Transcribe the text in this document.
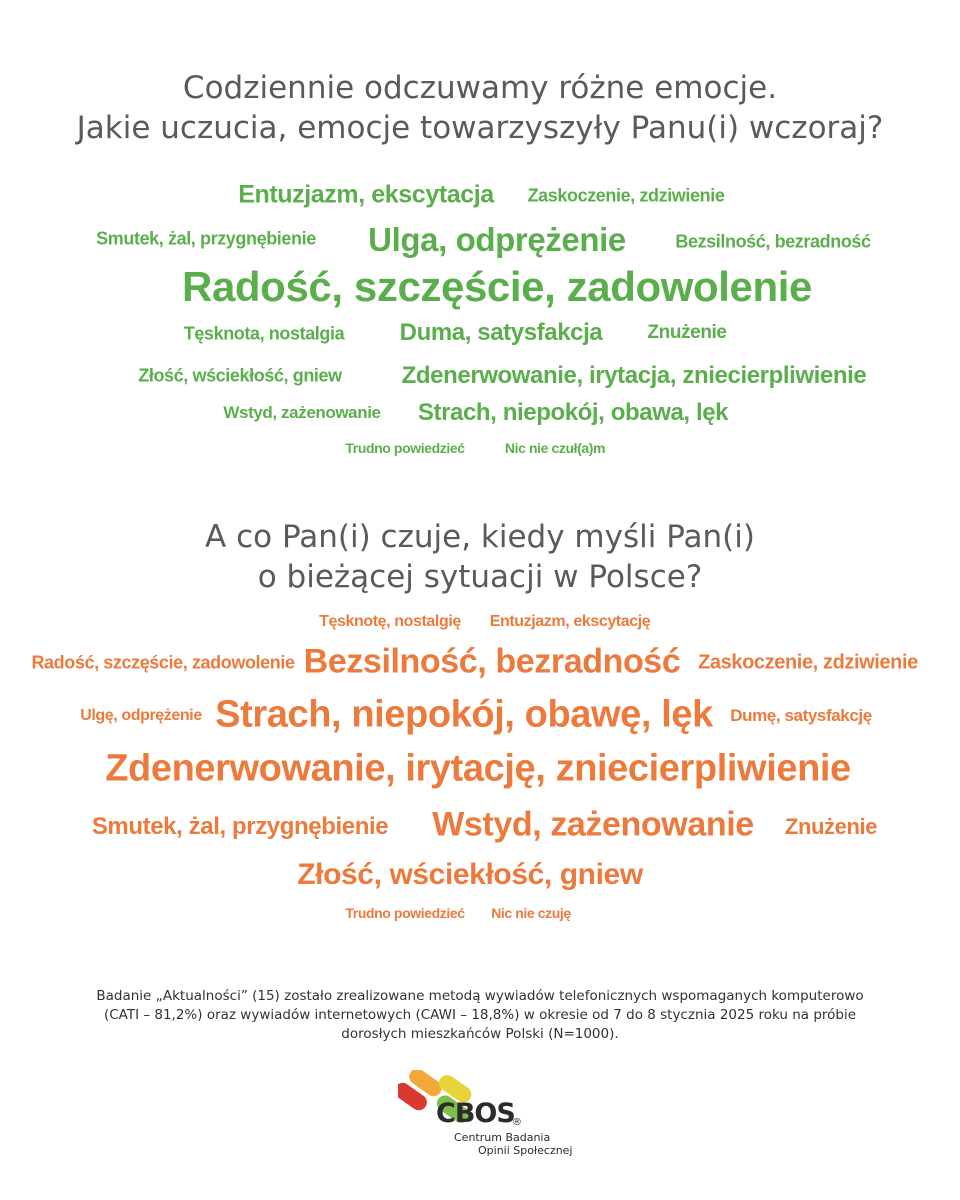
Codziennie odczuwamy różne emocje.
Jakie uczucia, emocje towarzyszyły Panu(i) wczoraj?
Entuzjazm, ekscytacja Zaskoczenie, zdziwienie
Smutek, żal, przygnębienie Ulga, odprężenie	Bezsilność, bezradność
Radość, szczęście, zadowolenie
Tęsknota, nostalgia Duma, satysfakcja Znużenie
Złość, wściekłość, gniew Zdenerwowanie, irytacja, zniecierpliwienie
Wstyd, zażenowanie Strach, niepokój, obawa, lęk
Trudno powiedzieć	Nic nie czuł(a)m
A co Pan(i) czuje, kiedy myśli Pan(i)
o bieżącej sytuacji w Polsce?
Tęsknotę, nostalgię Entuzjazm, ekscytację
Radość, szczęście, zadowolenie Bezsilność, bezradność Zaskoczenie, zdziwienie
Ulgę, odprężenie Strach, niepokój, obawę, lęk Dumę, satysfakcję
Zdenerwowanie, irytację, zniecierpliwienie
Smutek, żal, przygnębienie Wstyd, zażenowanie Znużenie
Złość, wściekłość, gniew
Trudno powiedzieć Nic nie czuję
Badanie „Aktualności” (15) zostało zrealizowane metodą wywiadów telefonicznych wspomaganych komputerowo
(CATI – 81,2%) oraz wywiadów internetowych (CAWI – 18,8%) w okresie od 7 do 8 stycznia 2025 roku na próbie
dorosłych mieszkańców Polski (N=1000).
CBOS
®
Centrum Badania
Opinii Społecznej
